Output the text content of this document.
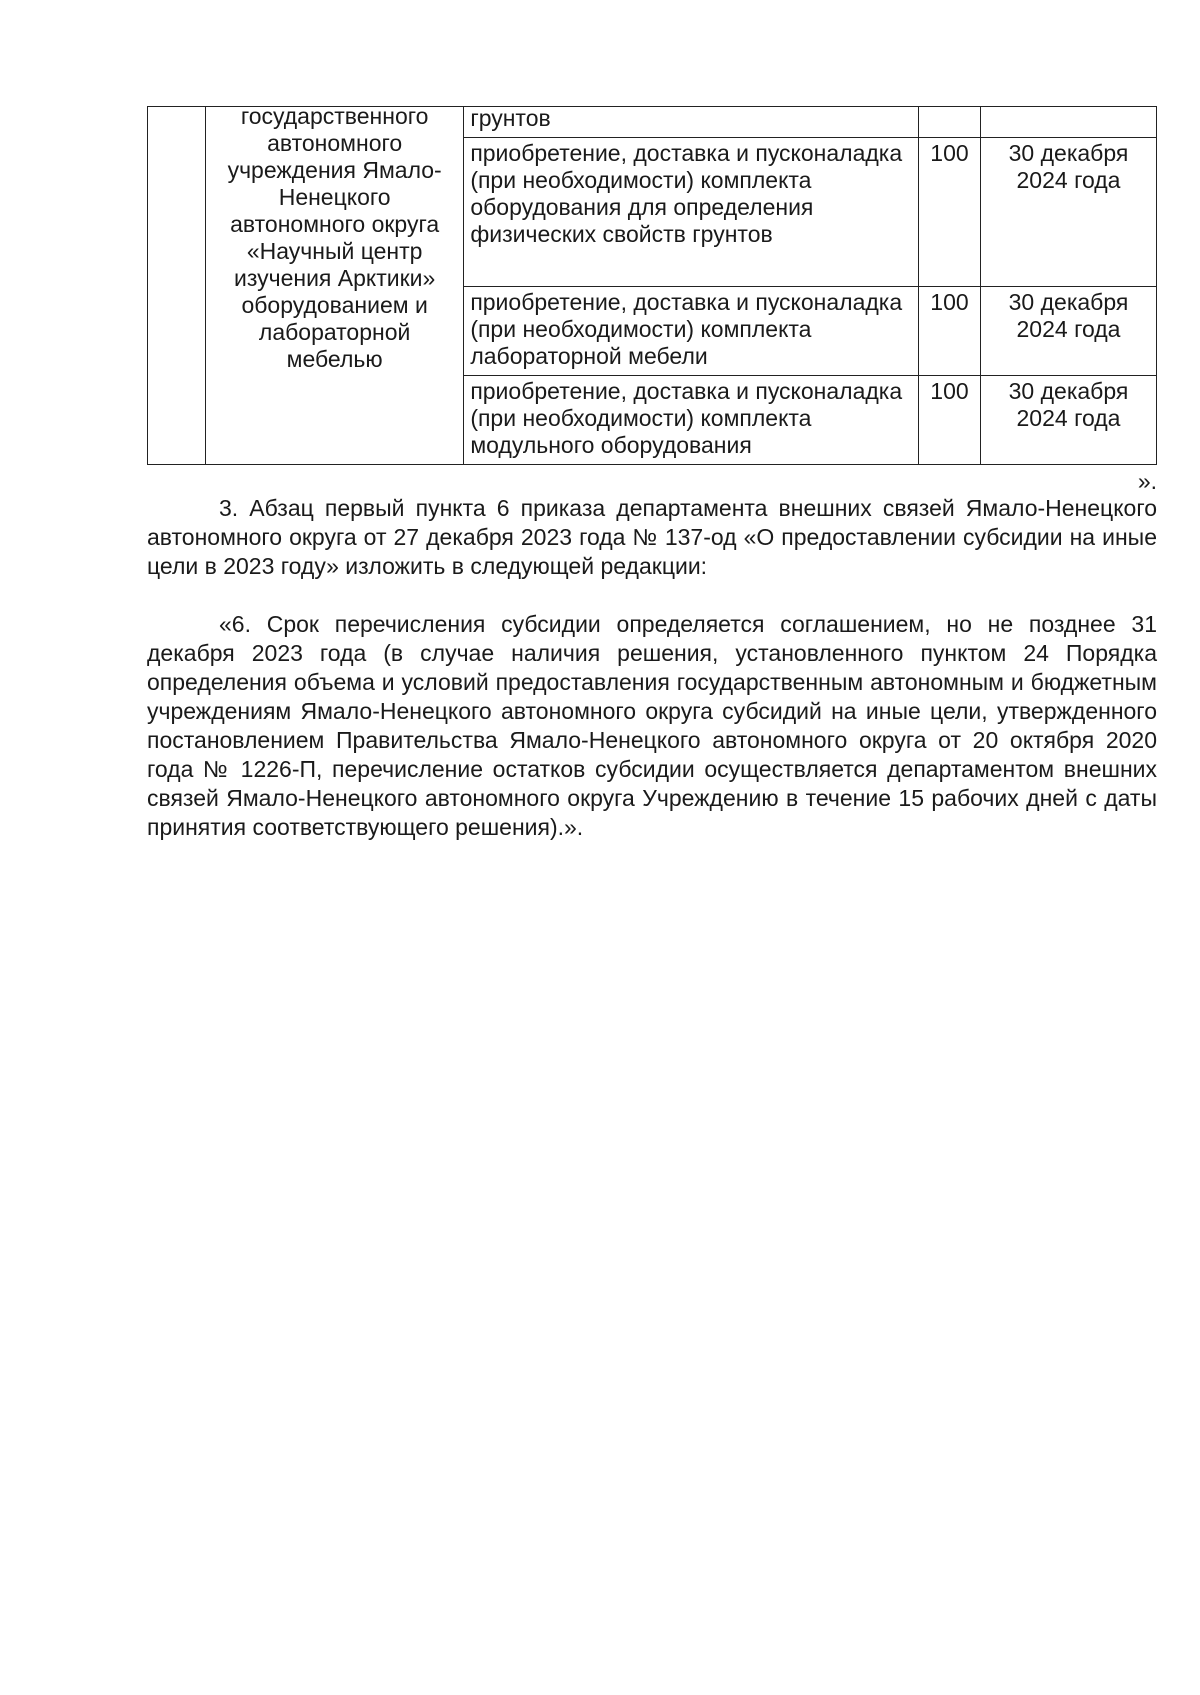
	государственного автономного учреждения Ямало-Ненецкого автономного округа «Научный центр изучения Арктики» оборудованием и лабораторной мебелью	грунтов		

		приобретение, доставка и пусконаладка (при необходимости) комплекта оборудования для определения физических свойств грунтов	100	30 декабря 2024 года

		приобретение, доставка и пусконаладка (при необходимости) комплекта лабораторной мебели	100	30 декабря 2024 года

		приобретение, доставка и пусконаладка (при необходимости) комплекта модульного оборудования	100	30 декабря 2024 года
».

3. Абзац первый пункта 6 приказа департамента внешних связей Ямало-Ненецкого автономного округа от 27 декабря 2023 года № 137-од «О предоставлении субсидии на иные цели в 2023 году» изложить в следующей редакции:

«6. Срок перечисления субсидии определяется соглашением, но не позднее 31 декабря 2023 года (в случае наличия решения, установленного пунктом 24 Порядка определения объема и условий предоставления государственным автономным и бюджетным учреждениям Ямало-Ненецкого автономного округа субсидий на иные цели, утвержденного постановлением Правительства Ямало-Ненецкого автономного округа от 20 октября 2020 года № 1226-П, перечисление остатков субсидии осуществляется департаментом внешних связей Ямало-Ненецкого автономного округа Учреждению в течение 15 рабочих дней с даты принятия соответствующего решения).».
